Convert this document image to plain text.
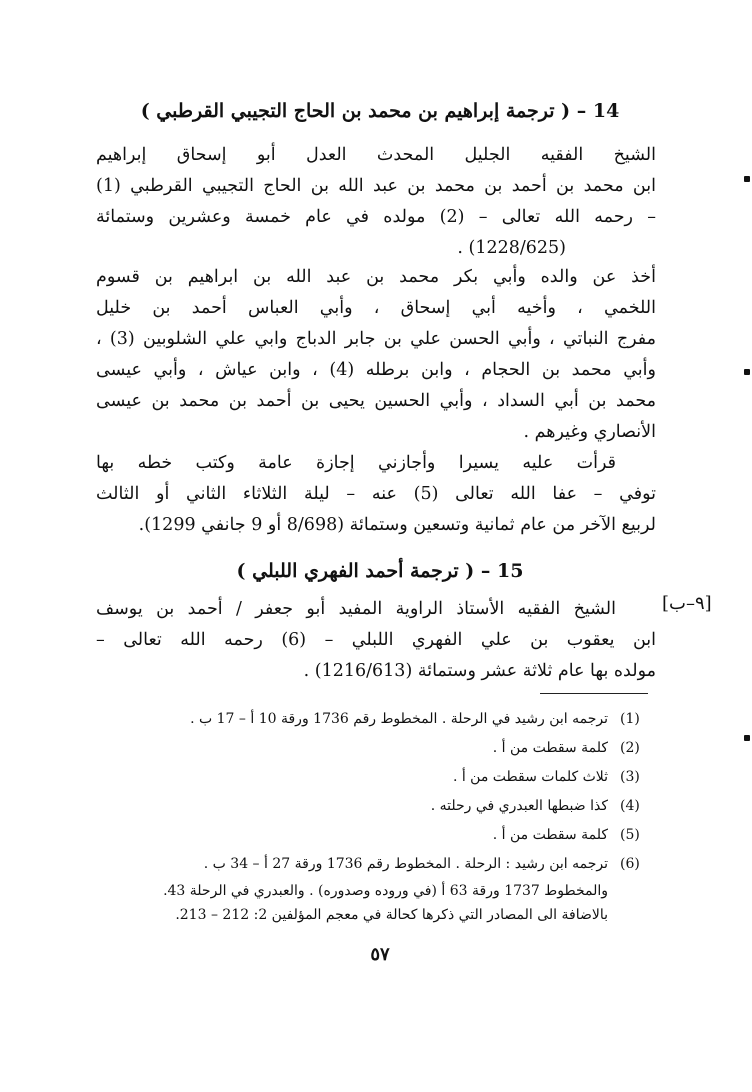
14 – ( ترجمة إبراهيم بن محمد بن الحاج التجيبي القرطبي )
الشيخ الفقيه الجليل المحدث العدل أبو إسحاق إبراهيم
ابن محمد بن أحمد بن محمد بن عبد الله بن الحاج التجيبي القرطبي (1)
– رحمه الله تعالى – (2) مولده في عام خمسة وعشرين وستمائة
(1228/625) .
أخذ عن والده وأبي بكر محمد بن عبد الله بن ابراهيم بن قسوم
اللخمي ، وأخيه أبي إسحاق ، وأبي العباس أحمد بن خليل
مفرج النباتي ، وأبي الحسن علي بن جابر الدباج وابي علي الشلوبين (3) ،
وأبي محمد بن الحجام ، وابن برطله (4) ، وابن عياش ، وأبي عيسى
محمد بن أبي السداد ، وأبي الحسين يحيى بن أحمد بن محمد بن عيسى
الأنصاري وغيرهم .
قرأت عليه يسيرا وأجازني إجازة عامة وكتب خطه بها
توفي – عفا الله تعالى (5) عنه – ليلة الثلاثاء الثاني أو الثالث
لربيع الآخر من عام ثمانية وتسعين وستمائة (8/698 أو 9 جانفي 1299).
15 – ( ترجمة أحمد الفهري اللبلي )
[٩–ب]
الشيخ الفقيه الأستاذ الراوية المفيد أبو جعفر / أحمد بن يوسف
ابن يعقوب بن علي الفهري اللبلي – (6) رحمه الله تعالى –
مولده بها عام ثلاثة عشر وستمائة (1216/613) .
(1)
ترجمه ابن رشيد في الرحلة . المخطوط رقم 1736 ورقة 10 أ – 17 ب .
(2)
كلمة سقطت من أ .
(3)
ثلاث كلمات سقطت من أ .
(4)
كذا ضبطها العبدري في رحلته .
(5)
كلمة سقطت من أ .
(6)
ترجمه ابن رشيد : الرحلة . المخطوط رقم 1736 ورقة 27 أ – 34 ب .
والمخطوط 1737 ورقة 63 أ (في وروده وصدوره) . والعبدري في الرحلة 43.
بالاضافة الى المصادر التي ذكرها كحالة في معجم المؤلفين 2: 212 – 213.
٥٧
